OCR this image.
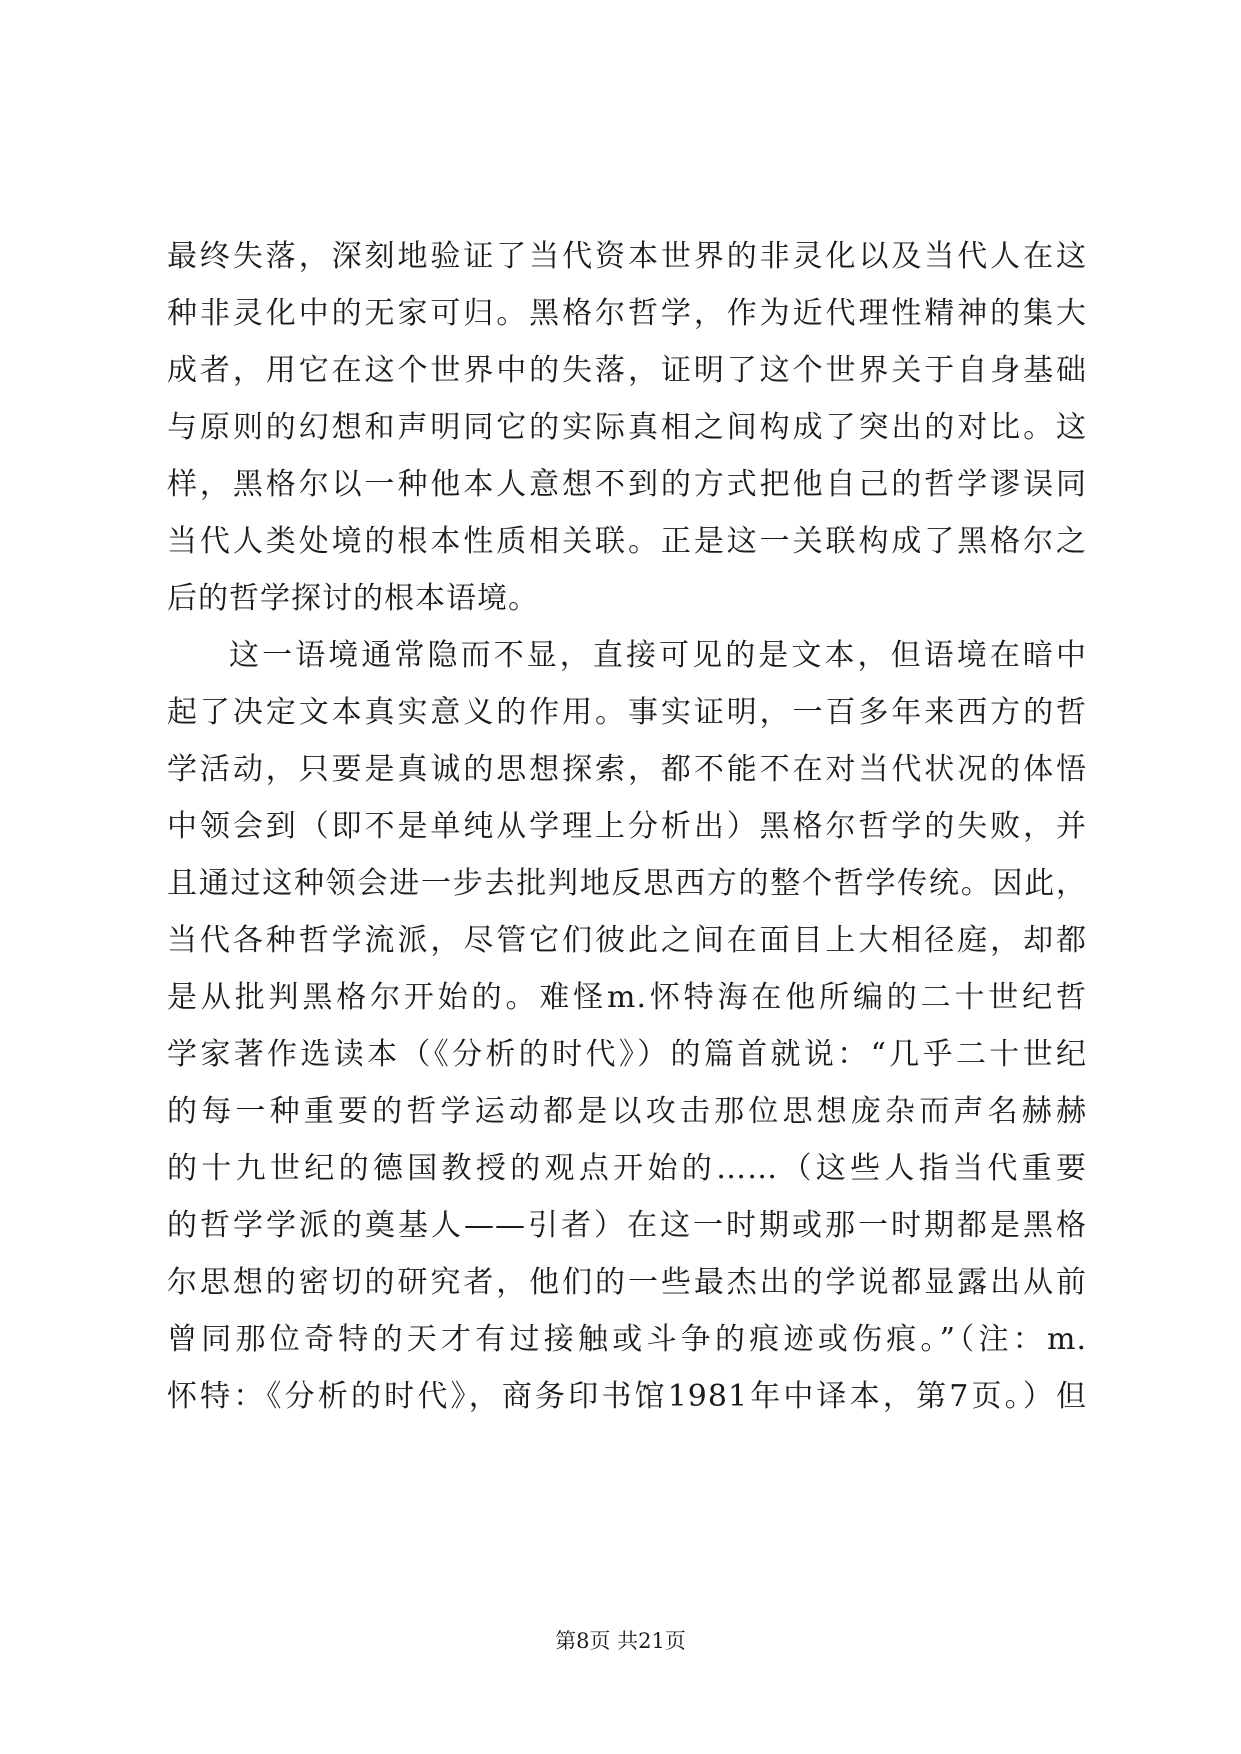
最终失落，深刻地验证了当代资本世界的非灵化以及当代人在这
种非灵化中的无家可归。黑格尔哲学，作为近代理性精神的集大
成者，用它在这个世界中的失落，证明了这个世界关于自身基础
与原则的幻想和声明同它的实际真相之间构成了突出的对比。这
样，黑格尔以一种他本人意想不到的方式把他自己的哲学谬误同
当代人类处境的根本性质相关联。正是这一关联构成了黑格尔之
后的哲学探讨的根本语境。
这一语境通常隐而不显，直接可见的是文本，但语境在暗中
起了决定文本真实意义的作用。事实证明，一百多年来西方的哲
学活动，只要是真诚的思想探索，都不能不在对当代状况的体悟
中领会到（即不是单纯从学理上分析出）黑格尔哲学的失败，并
且通过这种领会进一步去批判地反思西方的整个哲学传统。因此，
当代各种哲学流派，尽管它们彼此之间在面目上大相径庭，却都
是从批判黑格尔开始的。难怪m.怀特海在他所编的二十世纪哲
学家著作选读本（《分析的时代》）的篇首就说：“几乎二十世纪
的每一种重要的哲学运动都是以攻击那位思想庞杂而声名赫赫
的十九世纪的德国教授的观点开始的……（这些人指当代重要
的哲学学派的奠基人——引者）在这一时期或那一时期都是黑格
尔思想的密切的研究者，他们的一些最杰出的学说都显露出从前
曾同那位奇特的天才有过接触或斗争的痕迹或伤痕。”（注：m.
怀特：《分析的时代》，商务印书馆1981年中译本，第7页。）但
第8页 共21页
